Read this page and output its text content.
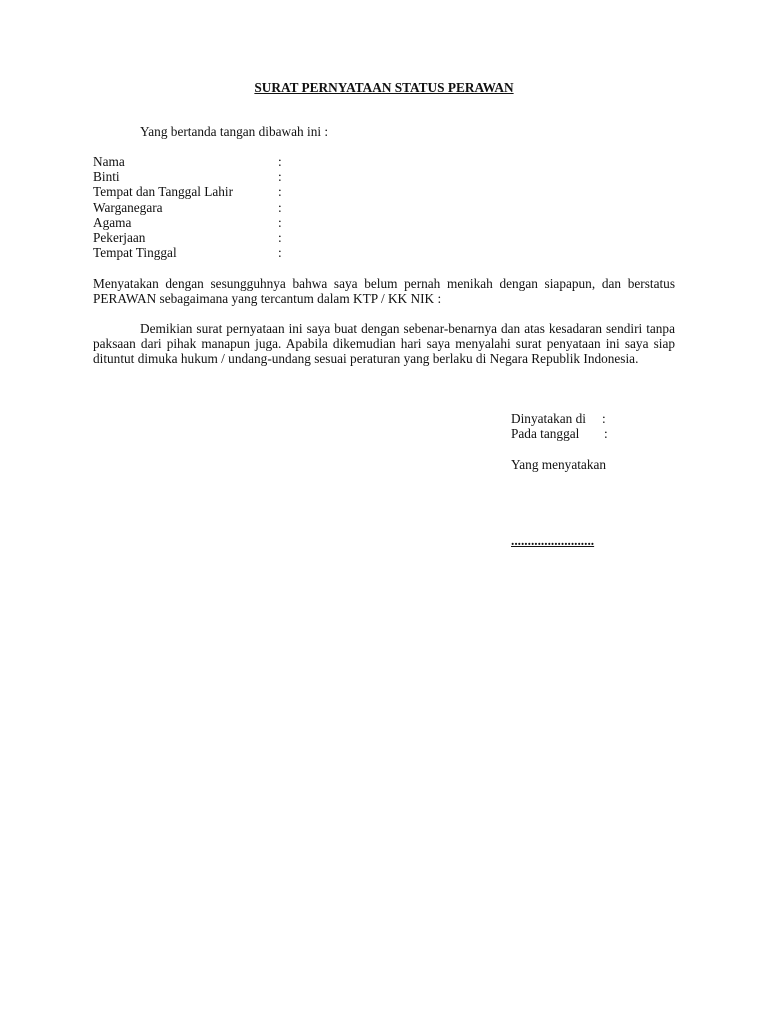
SURAT PERNYATAAN STATUS PERAWAN
Yang bertanda tangan dibawah ini :
Nama	:
Binti	:
Tempat dan Tanggal Lahir	:
Warganegara	:
Agama	:
Pekerjaan	:
Tempat Tinggal	:
Menyatakan dengan sesungguhnya bahwa saya belum pernah menikah dengan siapapun, dan berstatus PERAWAN sebagaimana yang tercantum dalam KTP / KK NIK :
Demikian surat pernyataan ini saya buat dengan sebenar-benarnya dan atas kesadaran sendiri tanpa paksaan dari pihak manapun juga. Apabila dikemudian hari saya menyalahi surat penyataan ini saya siap dituntut dimuka hukum / undang-undang sesuai peraturan yang berlaku di Negara Republik Indonesia.
Dinyatakan di :
Pada tanggal :
Yang menyatakan
.........................
